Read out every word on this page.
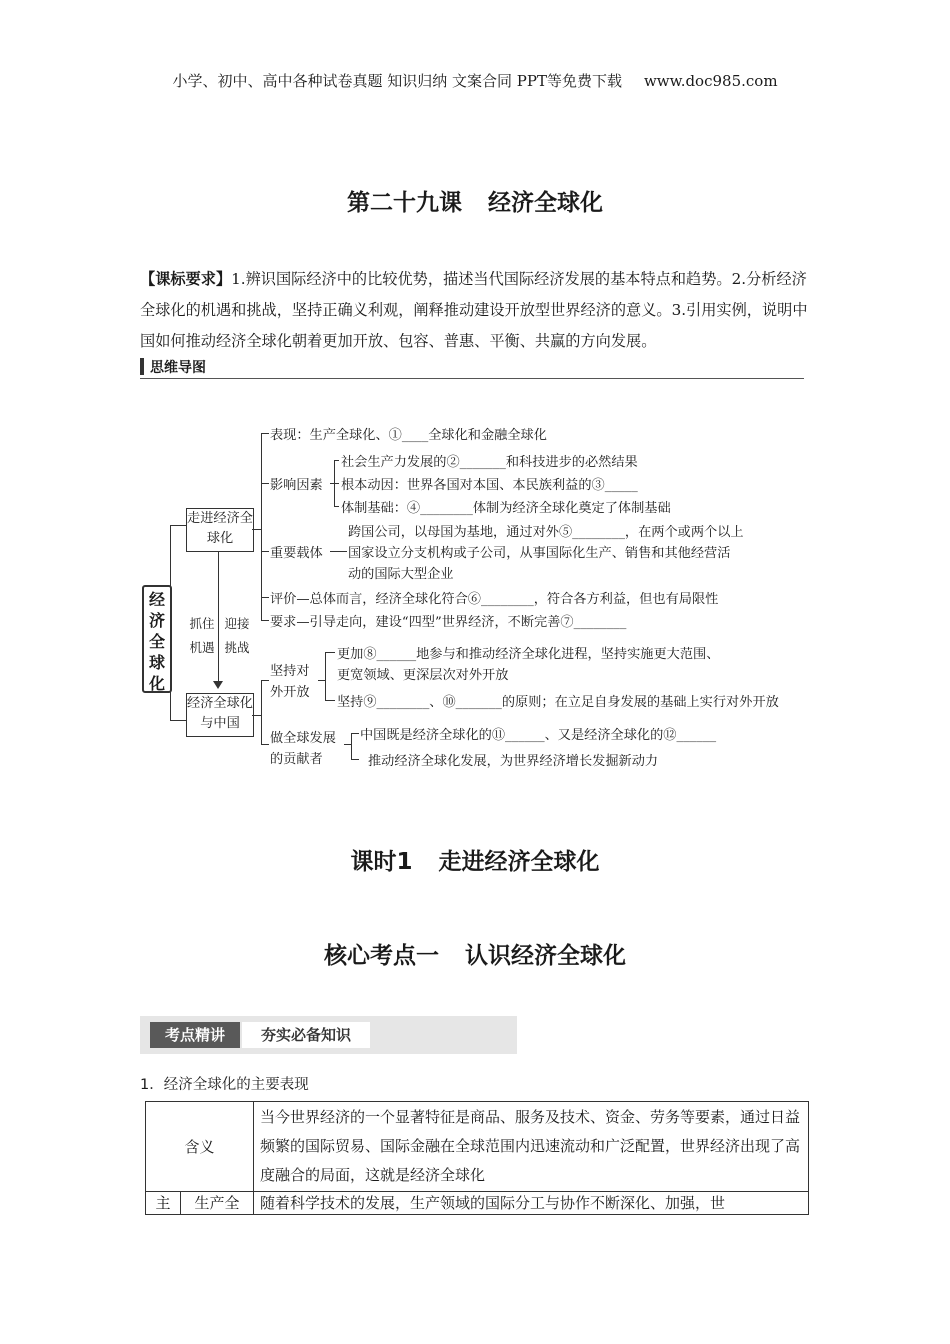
小学、初中、高中各种试卷真题 知识归纳 文案合同 PPT等免费下载 www.doc985.com
第二十九课 经济全球化
【课标要求】1.辨识国际经济中的比较优势，描述当代国际经济发展的基本特点和趋势。2.分析经济全球化的机遇和挑战，坚持正确义利观，阐释推动建设开放型世界经济的意义。3.引用实例，说明中国如何推动经济全球化朝着更加开放、包容、普惠、平衡、共赢的方向发展。
思维导图
经济全球化
走进经济全球化
经济全球化与中国
抓住机遇
迎接挑战
表现：生产全球化、①____全球化和金融全球化
影响因素
社会生产力发展的②_______和科技进步的必然结果
根本动因：世界各国对本国、本民族利益的③_____
体制基础：④________体制为经济全球化奠定了体制基础
重要载体
跨国公司，以母国为基地，通过对外⑤________，在两个或两个以上
国家设立分支机构或子公司，从事国际化生产、销售和其他经营活
动的国际大型企业
评价—总体而言，经济全球化符合⑥________，符合各方利益，但也有局限性
要求—引导走向，建设“四型”世界经济，不断完善⑦________
坚持对
外开放
更加⑧______地参与和推动经济全球化进程，坚持实施更大范围、
更宽领域、更深层次对外开放
坚持⑨________、⑩_______的原则；在立足自身发展的基础上实行对外开放
做全球发展
的贡献者
中国既是经济全球化的⑪______、又是经济全球化的⑫______
推动经济全球化发展，为世界经济增长发掘新动力
课时1 走进经济全球化
核心考点一 认识经济全球化
考点精讲	夯实必备知识
1．经济全球化的主要表现
含义	当今世界经济的一个显著特征是商品、服务及技术、资金、劳务等要素，通过日益频繁的国际贸易、国际金融在全球范围内迅速流动和广泛配置，世界经济出现了高度融合的局面，这就是经济全球化

主 生产全	随着科学技术的发展，生产领域的国际分工与协作不断深化、加强，世
